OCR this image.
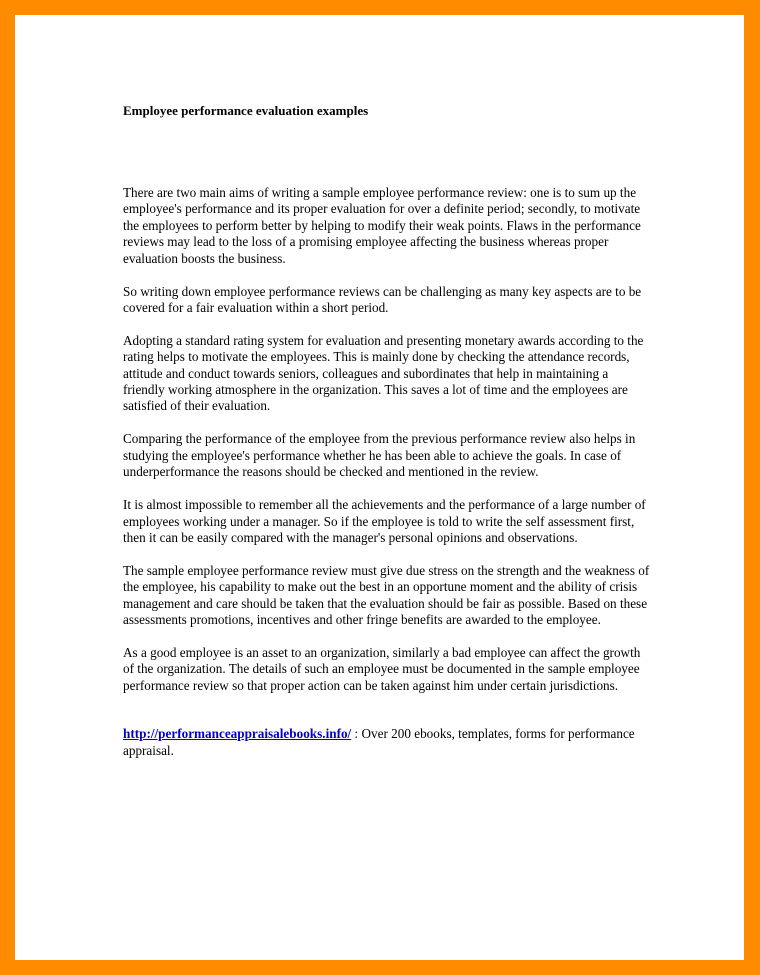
Employee performance evaluation examples

There are two main aims of writing a sample employee performance review: one is to sum up the employee's performance and its proper evaluation for over a definite period; secondly, to motivate the employees to perform better by helping to modify their weak points. Flaws in the performance reviews may lead to the loss of a promising employee affecting the business whereas proper evaluation boosts the business.

So writing down employee performance reviews can be challenging as many key aspects are to be covered for a fair evaluation within a short period.

Adopting a standard rating system for evaluation and presenting monetary awards according to the rating helps to motivate the employees. This is mainly done by checking the attendance records, attitude and conduct towards seniors, colleagues and subordinates that help in maintaining a friendly working atmosphere in the organization. This saves a lot of time and the employees are satisfied of their evaluation.

Comparing the performance of the employee from the previous performance review also helps in studying the employee's performance whether he has been able to achieve the goals. In case of underperformance the reasons should be checked and mentioned in the review.

It is almost impossible to remember all the achievements and the performance of a large number of employees working under a manager. So if the employee is told to write the self assessment first, then it can be easily compared with the manager's personal opinions and observations.

The sample employee performance review must give due stress on the strength and the weakness of the employee, his capability to make out the best in an opportune moment and the ability of crisis management and care should be taken that the evaluation should be fair as possible. Based on these assessments promotions, incentives and other fringe benefits are awarded to the employee.

As a good employee is an asset to an organization, similarly a bad employee can affect the growth of the organization. The details of such an employee must be documented in the sample employee performance review so that proper action can be taken against him under certain jurisdictions.

http://performanceappraisalebooks.info/ : Over 200 ebooks, templates, forms for performance appraisal.
